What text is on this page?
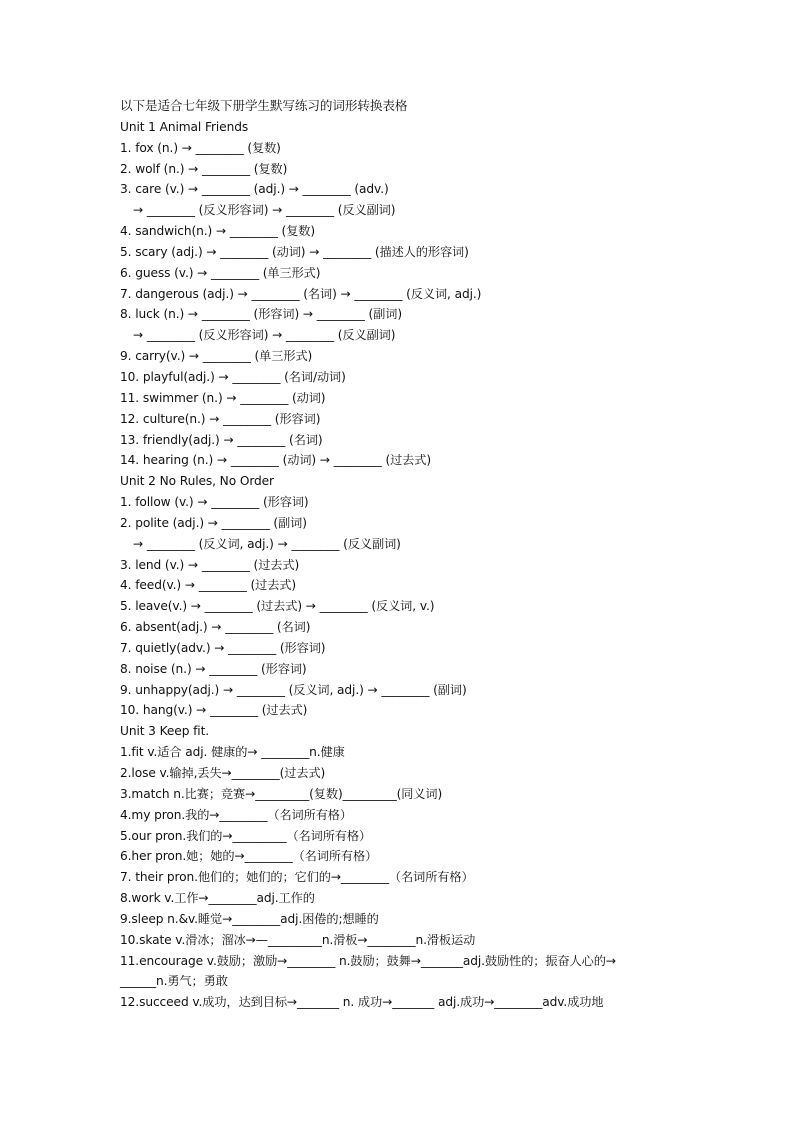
以下是适合七年级下册学生默写练习的词形转换表格
Unit 1 Animal Friends
1. fox (n.) → ________ (复数)
2. wolf (n.) → ________ (复数)
3. care (v.) → ________ (adj.) → ________ (adv.)
→ ________ (反义形容词) → ________ (反义副词)
4. sandwich(n.) → ________ (复数)
5. scary (adj.) → ________ (动词) → ________ (描述人的形容词)
6. guess (v.) → ________ (单三形式)
7. dangerous (adj.) → ________ (名词) → ________ (反义词, adj.)
8. luck (n.) → ________ (形容词) → ________ (副词)
→ ________ (反义形容词) → ________ (反义副词)
9. carry(v.) → ________ (单三形式)
10. playful(adj.) → ________ (名词/动词)
11. swimmer (n.) → ________ (动词)
12. culture(n.) → ________ (形容词)
13. friendly(adj.) → ________ (名词)
14. hearing (n.) → ________ (动词) → ________ (过去式)
Unit 2 No Rules, No Order
1. follow (v.) → ________ (形容词)
2. polite (adj.) → ________ (副词)
→ ________ (反义词, adj.) → ________ (反义副词)
3. lend (v.) → ________ (过去式)
4. feed(v.) → ________ (过去式)
5. leave(v.) → ________ (过去式) → ________ (反义词, v.)
6. absent(adj.) → ________ (名词)
7. quietly(adv.) → ________ (形容词)
8. noise (n.) → ________ (形容词)
9. unhappy(adj.) → ________ (反义词, adj.) → ________ (副词)
10. hang(v.) → ________ (过去式)
Unit 3 Keep fit.
1.fit v.适合 adj. 健康的→ ________n.健康
2.lose v.输掉,丢失→________(过去式)
3.match n.比赛；竞赛→_________(复数)_________(同义词)
4.my pron.我的→________（名词所有格）
5.our pron.我们的→_________（名词所有格）
6.her pron.她；她的→________（名词所有格）
7. their pron.他们的；她们的；它们的→________（名词所有格）
8.work v.工作→________adj.工作的
9.sleep n.&v.睡觉→________adj.困倦的;想睡的
10.skate v.滑冰；溜冰→—_________n.滑板→________n.滑板运动
11.encourage v.鼓励；激励→________ n.鼓励；鼓舞→_______adj.鼓励性的；振奋人心的→
______n.勇气；勇敢
12.succeed v.成功，达到目标→_______ n. 成功→_______ adj.成功→________adv.成功地
